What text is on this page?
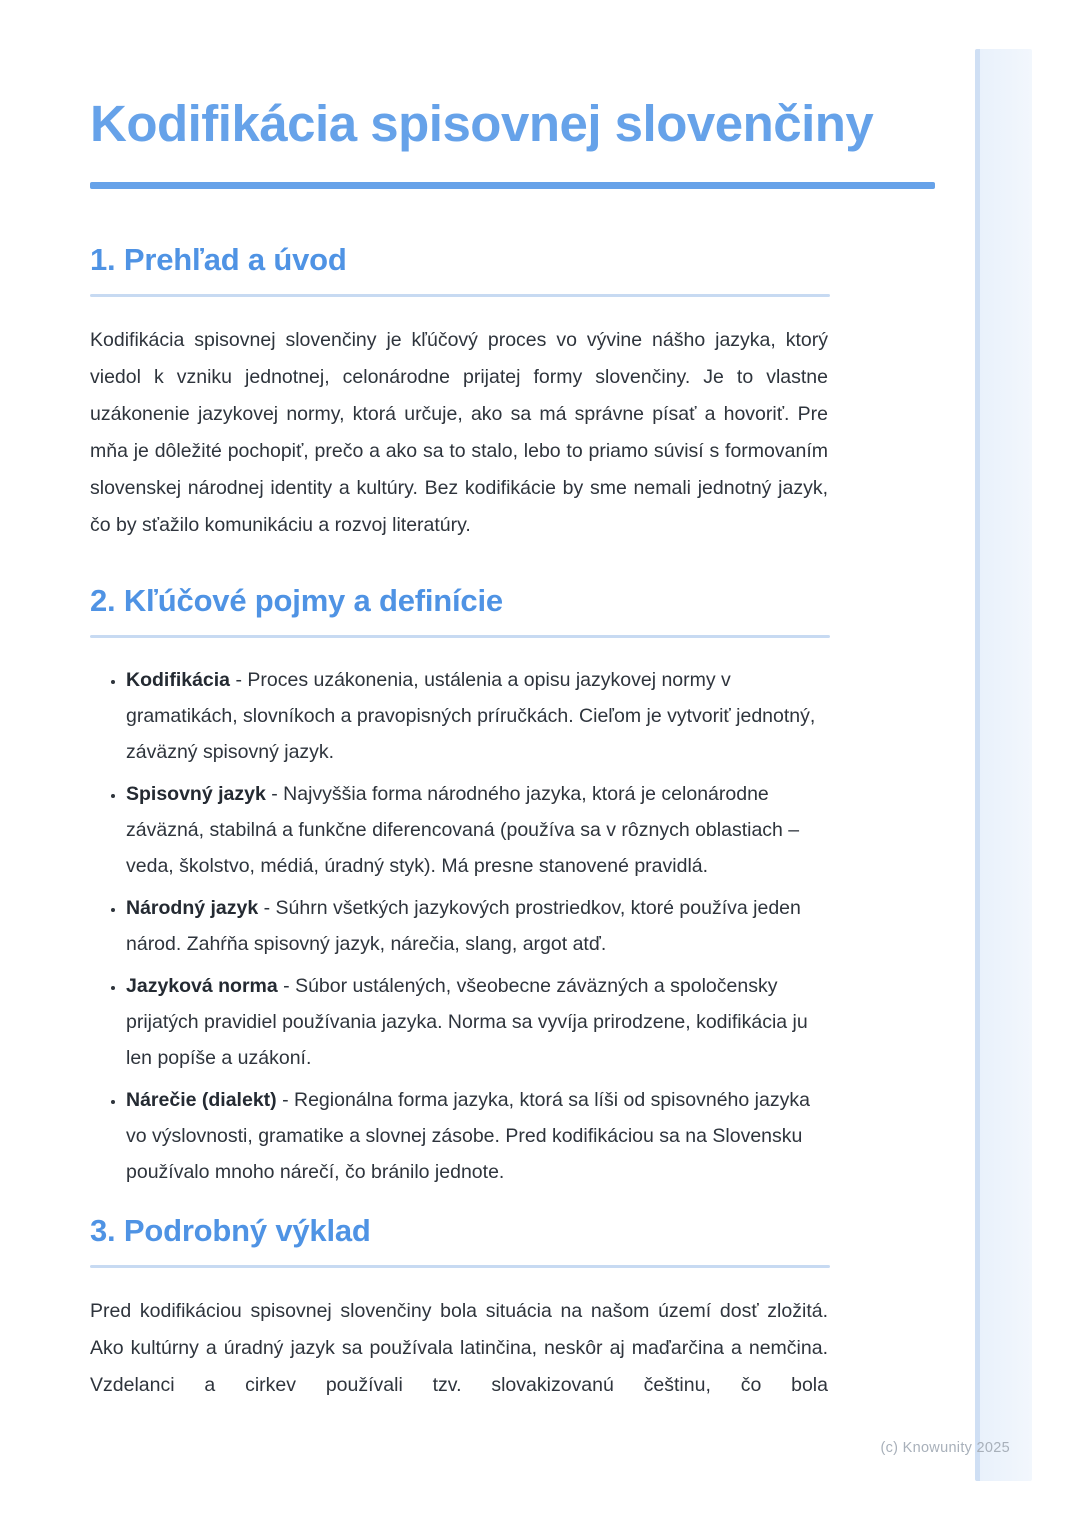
Kodifikácia spisovnej slovenčiny
1. Prehľad a úvod

Kodifikácia spisovnej slovenčiny je kľúčový proces vo vývine nášho jazyka, ktorý viedol k vzniku jednotnej, celonárodne prijatej formy slovenčiny. Je to vlastne uzákonenie jazykovej normy, ktorá určuje, ako sa má správne písať a hovoriť. Pre mňa je dôležité pochopiť, prečo a ako sa to stalo, lebo to priamo súvisí s formovaním slovenskej národnej identity a kultúry. Bez kodifikácie by sme nemali jednotný jazyk, čo by sťažilo komunikáciu a rozvoj literatúry.

2. Kľúčové pojmy a definície
• Kodifikácia - Proces uzákonenia, ustálenia a opisu jazykovej normy v gramatikách, slovníkoch a pravopisných príručkách. Cieľom je vytvoriť jednotný, záväzný spisovný jazyk.
• Spisovný jazyk - Najvyššia forma národného jazyka, ktorá je celonárodne záväzná, stabilná a funkčne diferencovaná (používa sa v rôznych oblastiach – veda, školstvo, médiá, úradný styk). Má presne stanovené pravidlá.
• Národný jazyk - Súhrn všetkých jazykových prostriedkov, ktoré používa jeden národ. Zahŕňa spisovný jazyk, nárečia, slang, argot atď.
• Jazyková norma - Súbor ustálených, všeobecne záväzných a spoločensky prijatých pravidiel používania jazyka. Norma sa vyvíja prirodzene, kodifikácia ju len popíše a uzákoní.
• Nárečie (dialekt) - Regionálna forma jazyka, ktorá sa líši od spisovného jazyka vo výslovnosti, gramatike a slovnej zásobe. Pred kodifikáciou sa na Slovensku používalo mnoho nárečí, čo bránilo jednote.
3. Podrobný výklad

Pred kodifikáciou spisovnej slovenčiny bola situácia na našom území dosť zložitá. Ako kultúrny a úradný jazyk sa používala latinčina, neskôr aj maďarčina a nemčina. Vzdelanci a cirkev používali tzv. slovakizovanú češtinu, čo bola

(c) Knowunity 2025
